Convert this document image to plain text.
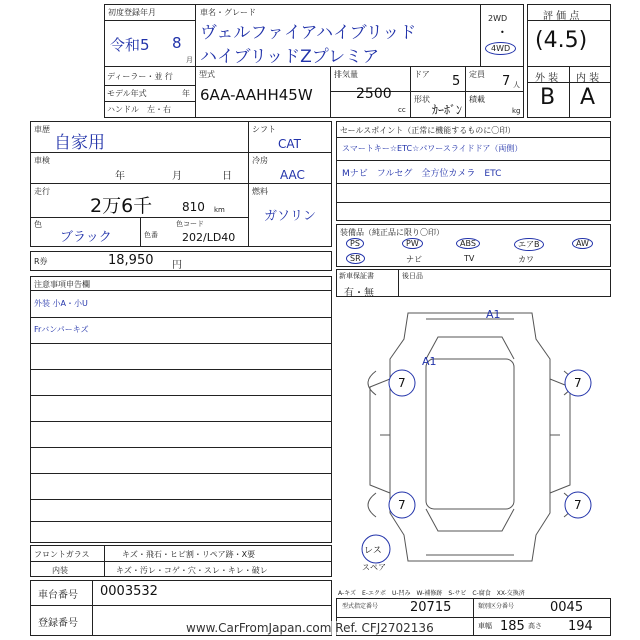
初度登録年月
令和5 8
月
車名・グレード
ヴェルファイアハイブリッド
ハイブリッドZプレミア
2WD
•
4WD
ディーラー・並 行
モデル年式	年
ハンドル　左・右
型式
6AA-AAHH45W
排気量
2500
cc
ドア 5 定員 7 人
形状
ｶｰﾎﾞﾝ
積載
kg
評 価 点
(4.5)
外 装 内 装
B A
車歴
自家用
車検
年	月	日
走行
2万6千 810 km
色
ブラック	色番
色コード
202/LD40
シフト
CAT
冷房
AAC
燃料
ガソリン
R券	18,950 円
セールスポイント（正常に機能するものに〇印）
スマートキー☆ETC☆パワースライドドア（両側）
Mナビ　フルセグ　全方位カメラ　ETC
装備品（純正品に限り〇印）
PS	PW	ABS	エアB	AW
SR	ナビ	TV	カワ
新車保証書
有・無
後日品
注意事項申告欄
外装 小A・小U
Frバンパーキズ
A1
A1
7	7
7	7
レス
スペア
フロントガラス	キズ・飛石・ヒビ割・リペア跡・X要
内装	キズ・汚レ・コゲ・穴・スレ・キレ・破レ
車台番号 0003532
登録番号
A-キズ　E-エクボ　U-凹み　W-補修跡　S-サビ　C-腐食　XX-交換済
型式指定番号 20715	類別区分番号	0045
車幅 185 高さ 194
www.CarFromJapan.com Ref. CFJ2702136
